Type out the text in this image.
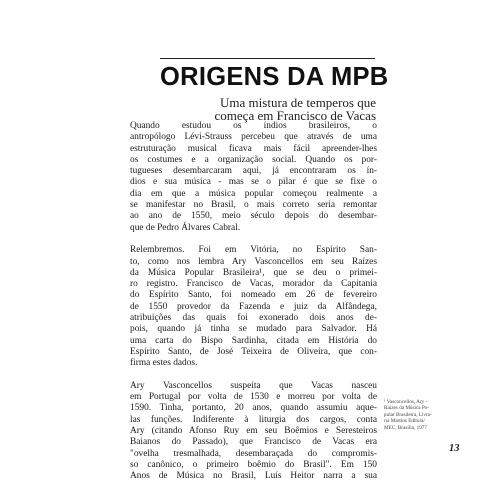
ORIGENS DA MPB
Uma mistura de temperos que
começa em Francisco de Vacas

Quando estudou os índios brasileiros, o
antropólogo Lévi-Strauss percebeu que através de uma
estruturação musical ficava mais fácil apreender-lhes
os costumes e a organização social. Quando os por-
tugueses desembarcaram aqui, já encontraram os ín-
dios e sua música - mas se o pilar é que se fixe o
dia em que a música popular começou realmente a
se manifestar no Brasil, o mais correto seria remontar
ao ano de 1550, meio século depois do desembar-
que de Pedro Álvares Cabral.

Relembremos. Foi em Vitória, no Espírito San-
to, como nos lembra Ary Vasconcellos em seu Raízes
da Música Popular Brasileira¹, que se deu o primei-
ro registro. Francisco de Vacas, morador da Capitania
do Espírito Santo, foi nomeado em 26 de fevereiro
de 1550 provedor da Fazenda e juiz da Alfândega,
atribuições das quais foi exonerado dois anos de-
pois, quando já tinha se mudado para Salvador. Há
uma carta do Bispo Sardinha, citada em História do
Espírito Santo, de José Teixeira de Oliveira, que con-
firma estes dados.

Ary Vasconcellos suspeita que Vacas nasceu
em Portugal por volta de 1530 e morreu por volta de
1590. Tinha, portanto, 20 anos, quando assumiu aque-
las funções. Indiferente à liturgia dos cargos, conta
Ary (citando Afonso Ruy em seu Boêmios e Seresteiros
Baianos do Passado), que Francisco de Vacas era
"ovelha tresmalhada, desembaraçada do compromis-
so canônico, o primeiro boêmio do Brasil". Em 150
Anos de Música no Brasil, Luís Heitor narra a sua

¹ Vasconcellos, Ary -
Raízes da Música Po-
pular Brasileira, Livra-
ria Martins Editora/
MEC, Brasília, 1977
13
